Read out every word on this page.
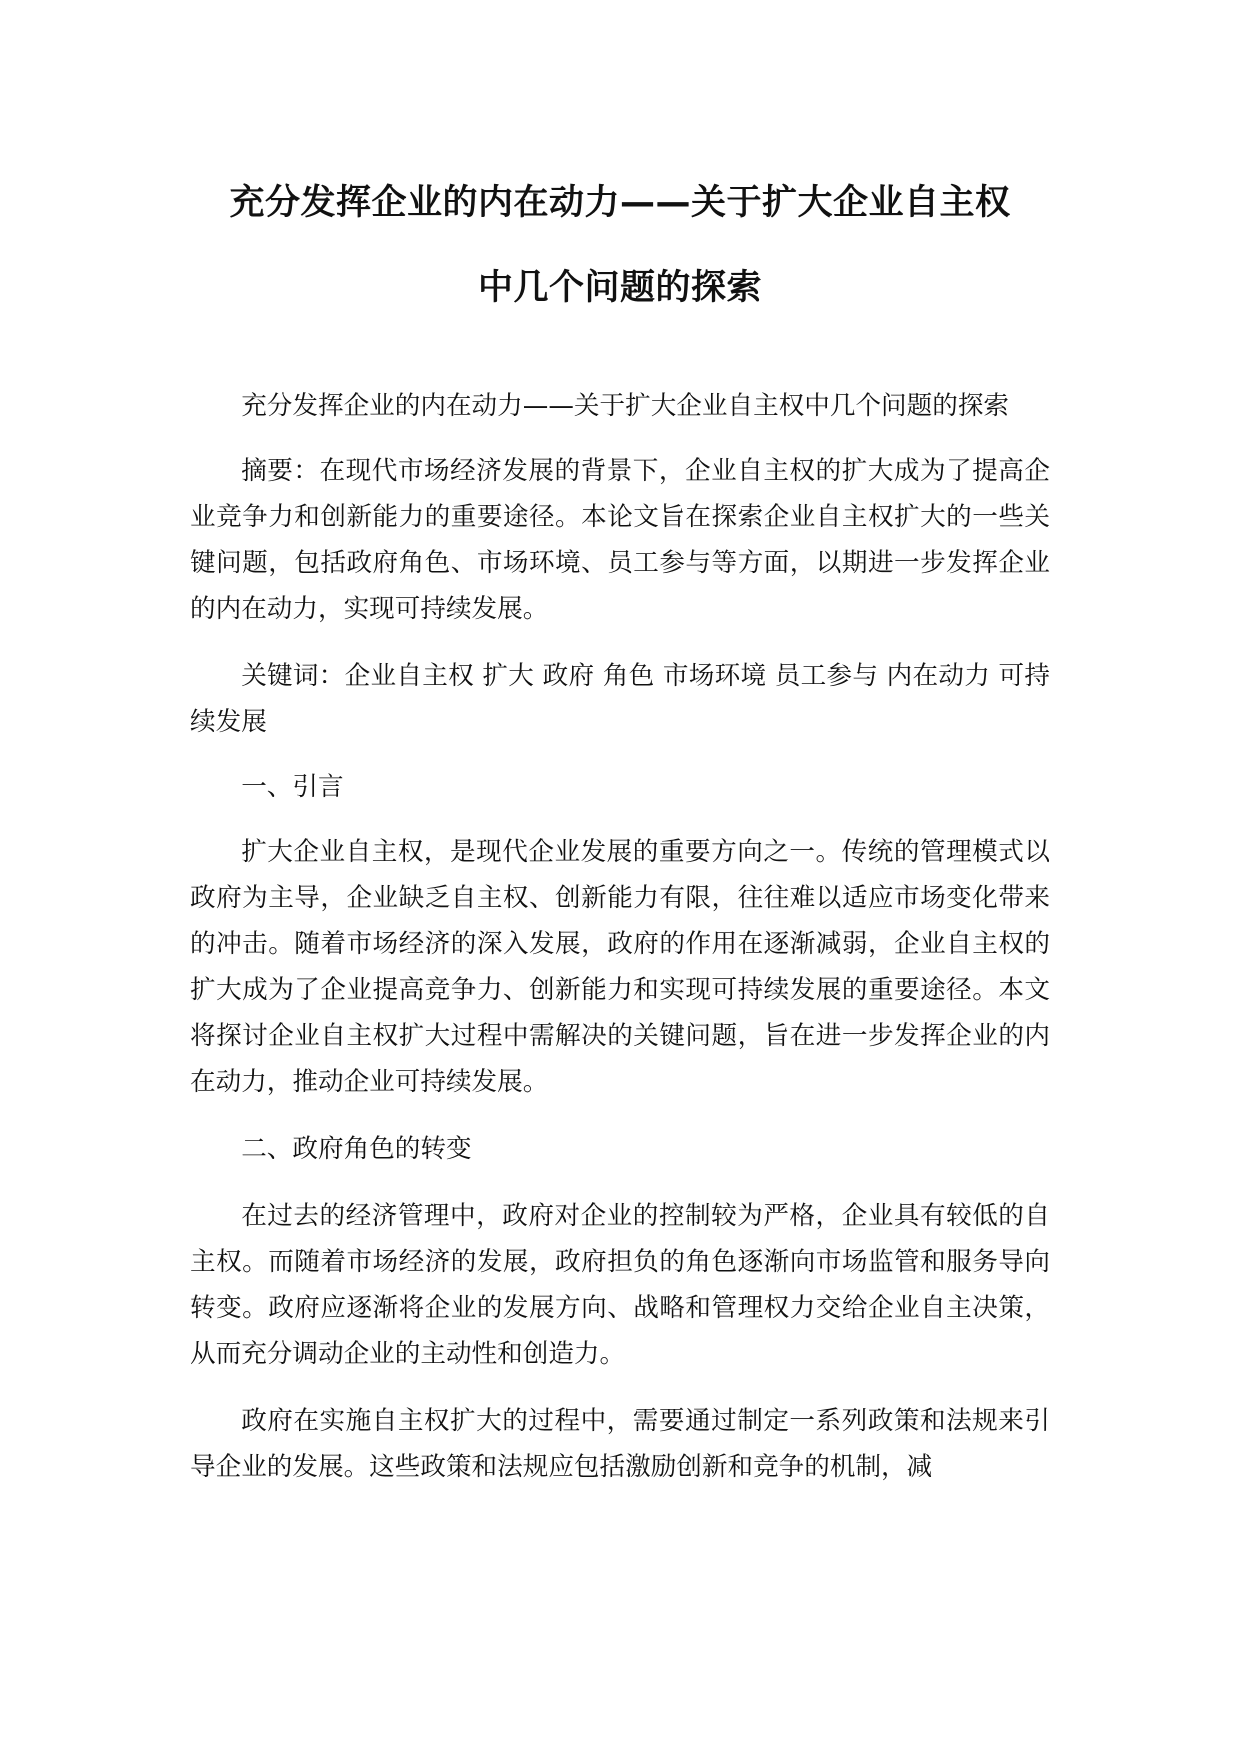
充分发挥企业的内在动力——关于扩大企业自主权
中几个问题的探索

充分发挥企业的内在动力——关于扩大企业自主权中几个问题的探索

摘要：在现代市场经济发展的背景下，企业自主权的扩大成为了提高企业竞争力和创新能力的重要途径。本论文旨在探索企业自主权扩大的一些关键问题，包括政府角色、市场环境、员工参与等方面，以期进一步发挥企业的内在动力，实现可持续发展。

关键词：企业自主权 扩大 政府 角色 市场环境 员工参与 内在动力 可持续发展

一、引言

扩大企业自主权，是现代企业发展的重要方向之一。传统的管理模式以政府为主导，企业缺乏自主权、创新能力有限，往往难以适应市场变化带来的冲击。随着市场经济的深入发展，政府的作用在逐渐减弱，企业自主权的扩大成为了企业提高竞争力、创新能力和实现可持续发展的重要途径。本文将探讨企业自主权扩大过程中需解决的关键问题，旨在进一步发挥企业的内在动力，推动企业可持续发展。

二、政府角色的转变

在过去的经济管理中，政府对企业的控制较为严格，企业具有较低的自主权。而随着市场经济的发展，政府担负的角色逐渐向市场监管和服务导向转变。政府应逐渐将企业的发展方向、战略和管理权力交给企业自主决策，从而充分调动企业的主动性和创造力。

政府在实施自主权扩大的过程中，需要通过制定一系列政策和法规来引导企业的发展。这些政策和法规应包括激励创新和竞争的机制，减
